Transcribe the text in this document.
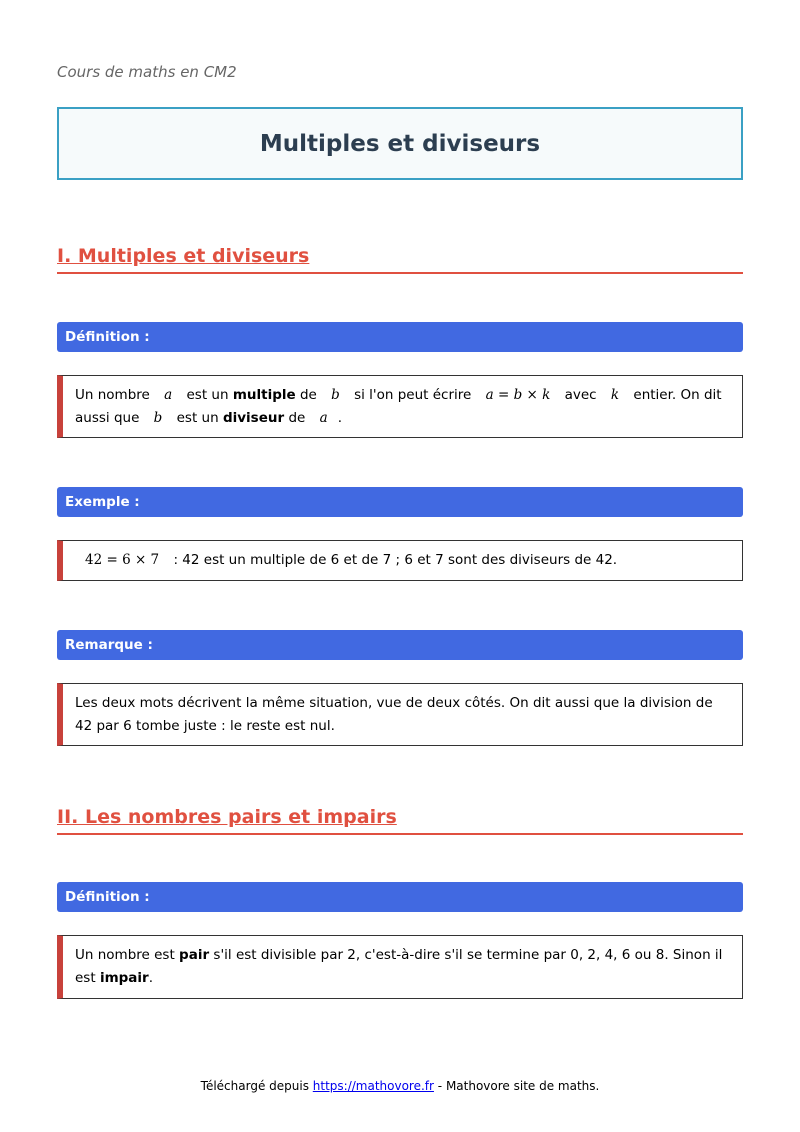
Cours de maths en CM2
Multiples et diviseurs
I. Multiples et diviseurs
Définition :
Un nombre a est un multiple de b si l'on peut écrire a = b × k avec k entier. On dit aussi que b est un diviseur de a .
Exemple :
42 = 6 × 7 : 42 est un multiple de 6 et de 7 ; 6 et 7 sont des diviseurs de 42.
Remarque :
Les deux mots décrivent la même situation, vue de deux côtés. On dit aussi que la division de 42 par 6 tombe juste : le reste est nul.
II. Les nombres pairs et impairs
Définition :
Un nombre est pair s'il est divisible par 2, c'est-à-dire s'il se termine par 0, 2, 4, 6 ou 8. Sinon il est impair.
Téléchargé depuis https://mathovore.fr - Mathovore site de maths.
